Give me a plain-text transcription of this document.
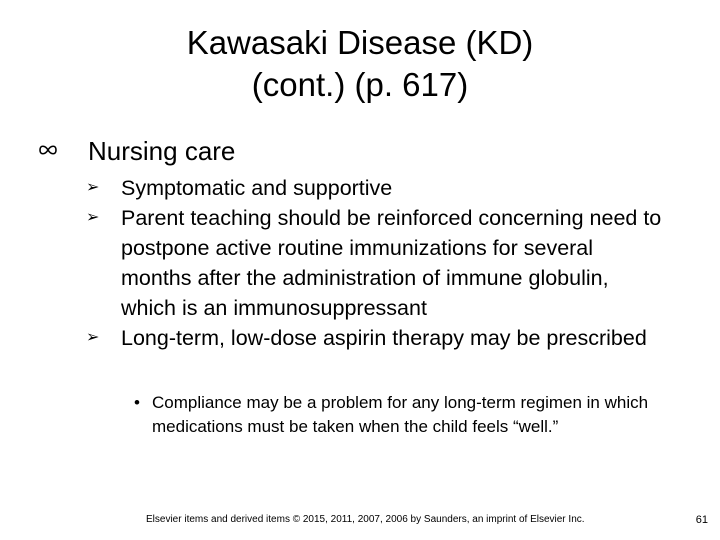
Kawasaki Disease (KD)
(cont.) (p. 617)
Nursing care
➢ Symptomatic and supportive
➢ Parent teaching should be reinforced concerning need to postpone active routine immunizations for several months after the administration of immune globulin, which is an immunosuppressant
➢ Long-term, low-dose aspirin therapy may be prescribed
• Compliance may be a problem for any long-term regimen in which medications must be taken when the child feels “well.”
Elsevier items and derived items © 2015, 2011, 2007, 2006 by Saunders, an imprint of Elsevier Inc.	61
